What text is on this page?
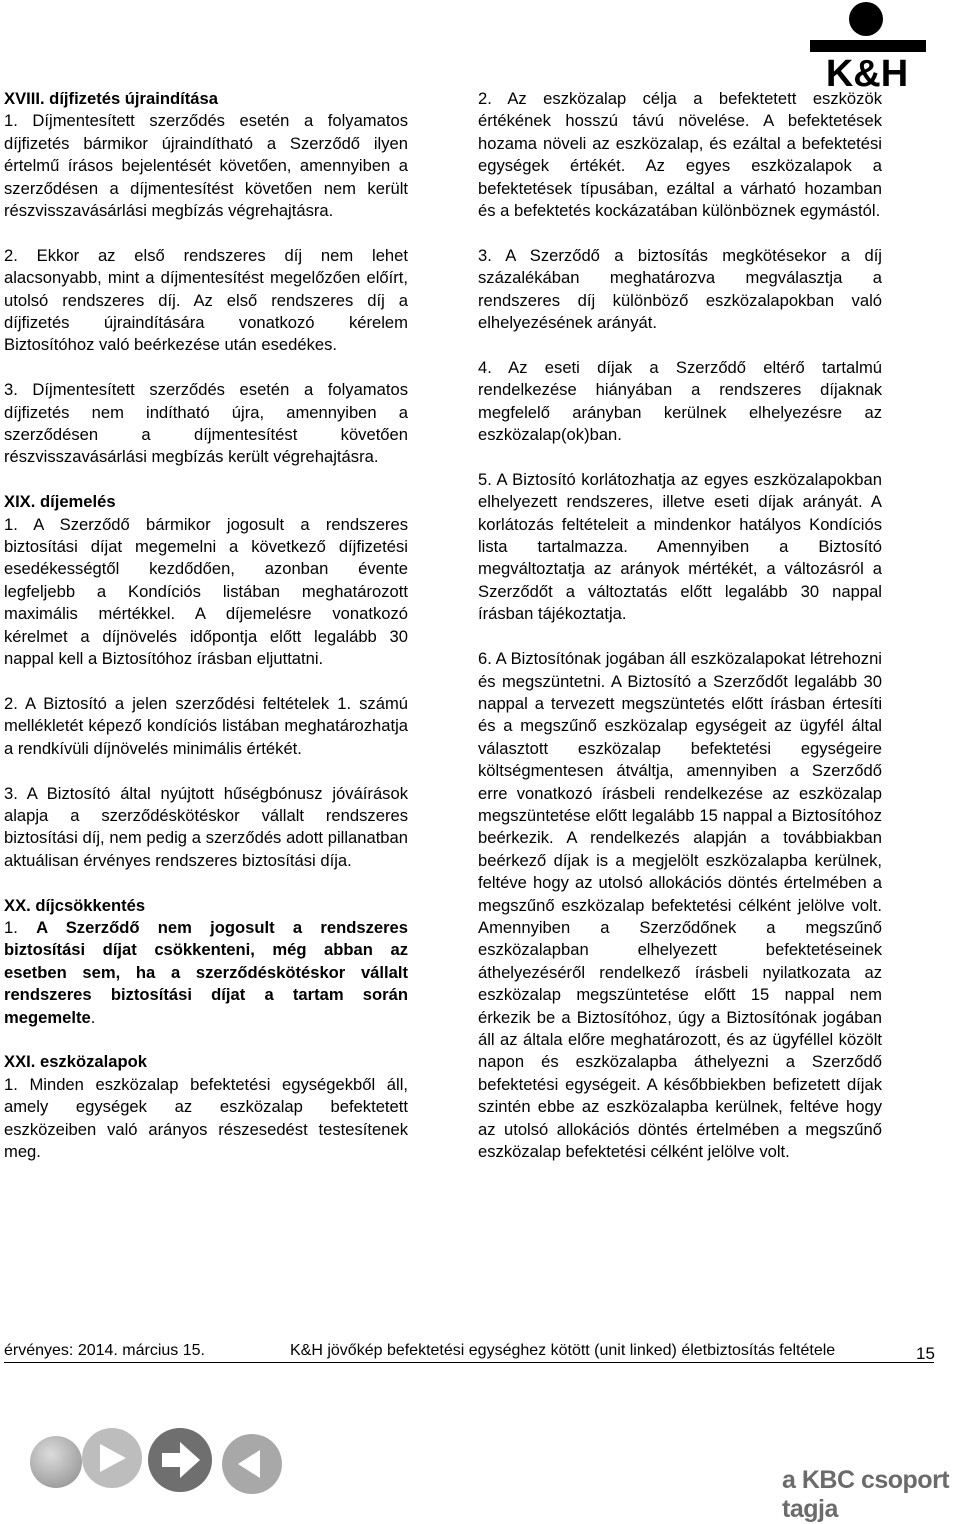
K&H
XVIII. díjfizetés újraindítása

1. Díjmentesített szerződés esetén a folyamatos díjfizetés bármikor újraindítható a Szerződő ilyen értelmű írásos bejelentését követően, amennyiben a szerződésen a díjmentesítést követően nem került részvisszavásárlási megbízás végrehajtásra.

2. Ekkor az első rendszeres díj nem lehet alacsonyabb, mint a díjmentesítést megelőzően előírt, utolsó rendszeres díj. Az első rendszeres díj a díjfizetés újraindítására vonatkozó kérelem Biztosítóhoz való beérkezése után esedékes.

3. Díjmentesített szerződés esetén a folyamatos díjfizetés nem indítható újra, amennyiben a szerződésen a díjmentesítést követően részvisszavásárlási megbízás került végrehajtásra.

XIX. díjemelés

1. A Szerződő bármikor jogosult a rendszeres biztosítási díjat megemelni a következő díjfizetési esedékességtől kezdődően, azonban évente legfeljebb a Kondíciós listában meghatározott maximális mértékkel. A díjemelésre vonatkozó kérelmet a díjnövelés időpontja előtt legalább 30 nappal kell a Biztosítóhoz írásban eljuttatni.

2. A Biztosító a jelen szerződési feltételek 1. számú mellékletét képező kondíciós listában meghatározhatja a rendkívüli díjnövelés minimális értékét.

3. A Biztosító által nyújtott hűségbónusz jóváírások alapja a szerződéskötéskor vállalt rendszeres biztosítási díj, nem pedig a szerződés adott pillanatban aktuálisan érvényes rendszeres biztosítási díja.

XX. díjcsökkentés

1. A Szerződő nem jogosult a rendszeres biztosítási díjat csökkenteni, még abban az esetben sem, ha a szerződéskötéskor vállalt rendszeres biztosítási díjat a tartam során megemelte.

XXI. eszközalapok

1. Minden eszközalap befektetési egységekből áll, amely egységek az eszközalap befektetett eszközeiben való arányos részesedést testesítenek meg.

2. Az eszközalap célja a befektetett eszközök értékének hosszú távú növelése. A befektetések hozama növeli az eszközalap, és ezáltal a befektetési egységek értékét. Az egyes eszközalapok a befektetések típusában, ezáltal a várható hozamban és a befektetés kockázatában különböznek egymástól.

3. A Szerződő a biztosítás megkötésekor a díj százalékában meghatározva megválasztja a rendszeres díj különböző eszközalapokban való elhelyezésének arányát.

4. Az eseti díjak a Szerződő eltérő tartalmú rendelkezése hiányában a rendszeres díjaknak megfelelő arányban kerülnek elhelyezésre az eszközalap(ok)ban.

5. A Biztosító korlátozhatja az egyes eszközalapokban elhelyezett rendszeres, illetve eseti díjak arányát. A korlátozás feltételeit a mindenkor hatályos Kondíciós lista tartalmazza. Amennyiben a Biztosító megváltoztatja az arányok mértékét, a változásról a Szerződőt a változtatás előtt legalább 30 nappal írásban tájékoztatja.

6. A Biztosítónak jogában áll eszközalapokat létrehozni és megszüntetni. A Biztosító a Szerződőt legalább 30 nappal a tervezett megszüntetés előtt írásban értesíti és a megszűnő eszközalap egységeit az ügyfél által választott eszközalap befektetési egységeire költségmentesen átváltja, amennyiben a Szerződő erre vonatkozó írásbeli rendelkezése az eszközalap megszüntetése előtt legalább 15 nappal a Biztosítóhoz beérkezik. A rendelkezés alapján a továbbiakban beérkező díjak is a megjelölt eszközalapba kerülnek, feltéve hogy az utolsó allokációs döntés értelmében a megszűnő eszközalap befektetési célként jelölve volt. Amennyiben a Szerződőnek a megszűnő eszközalapban elhelyezett befektetéseinek áthelyezéséről rendelkező írásbeli nyilatkozata az eszközalap megszüntetése előtt 15 nappal nem érkezik be a Biztosítóhoz, úgy a Biztosítónak jogában áll az általa előre meghatározott, és az ügyféllel közölt napon és eszközalapba áthelyezni a Szerződő befektetési egységeit. A későbbiekben befizetett díjak szintén ebbe az eszközalapba kerülnek, feltéve hogy az utolsó allokációs döntés értelmében a megszűnő eszközalap befektetési célként jelölve volt.

érvényes: 2014. március 15.	K&H jövőkép befektetési egységhez kötött (unit linked) életbiztosítás feltétele	15
a KBC csoport tagja
